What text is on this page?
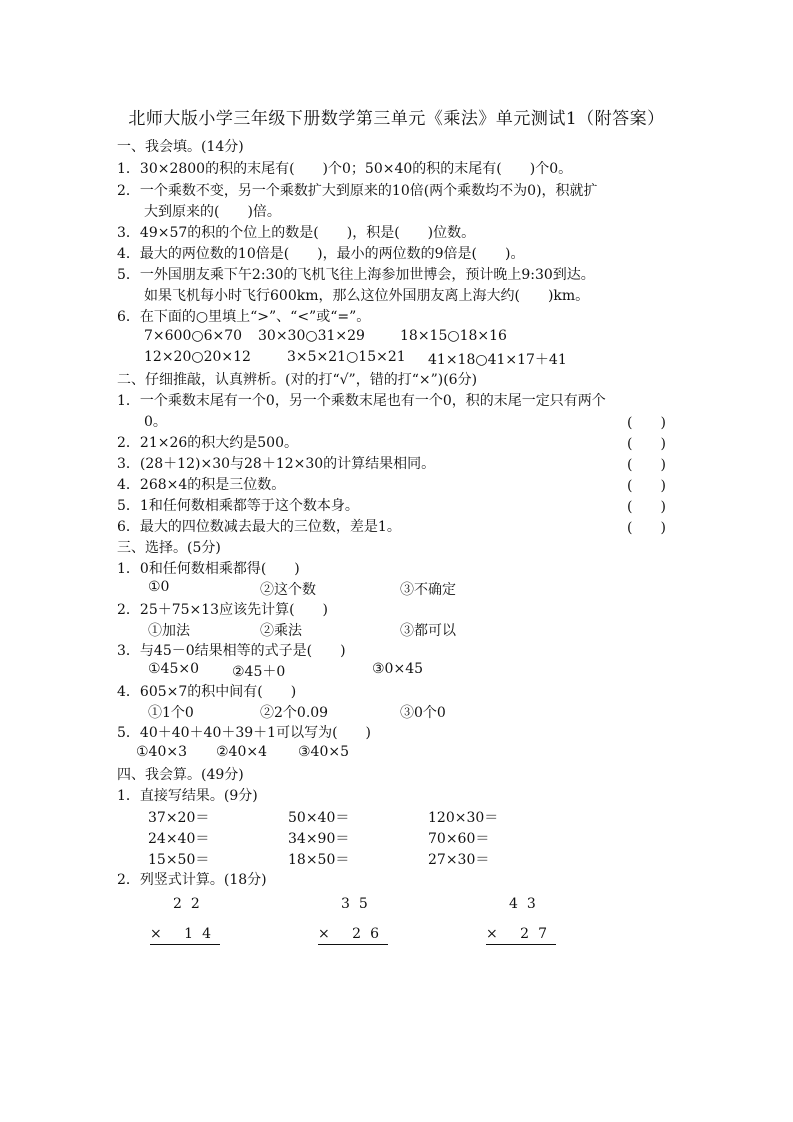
北师大版小学三年级下册数学第三单元《乘法》单元测试1（附答案）
一、我会填。(14分)
1．30×2800的积的末尾有(　　)个0；50×40的积的末尾有(　　)个0。
2．一个乘数不变，另一个乘数扩大到原来的10倍(两个乘数均不为0)，积就扩
大到原来的(　　)倍。
3．49×57的积的个位上的数是(　　)，积是(　　)位数。
4．最大的两位数的10倍是(　　)，最小的两位数的9倍是(　　)。
5．一外国朋友乘下午2:30的飞机飞往上海参加世博会，预计晚上9:30到达。
如果飞机每小时飞行600km，那么这位外国朋友离上海大约(　　)km。
6．在下面的○里填上“>”、“<”或“=”。
7×600○6×70 30×30○31×29	18×15○18×16
12×20○20×12	3×5×21○15×21 41×18○41×17＋41
二、仔细推敲，认真辨析。(对的打“√”，错的打“×”)(6分)
1．一个乘数末尾有一个0，另一个乘数末尾也有一个0，积的末尾一定只有两个
0。	(　　)
2．21×26的积大约是500。	(　　)
3．(28＋12)×30与28＋12×30的计算结果相同。	(　　)
4．268×4的积是三位数。	(　　)
5．1和任何数相乘都等于这个数本身。	(　　)
6．最大的四位数减去最大的三位数，差是1。	(　　)
三、选择。(5分)
1．0和任何数相乘都得(　　)
①0	②这个数	③不确定
2．25＋75×13应该先计算(　　)
①加法	②乘法	③都可以
3．与45－0结果相等的式子是(　　)
①45×0 ②45＋0	③0×45
4．605×7的积中间有(　　)
①1个0	②2个0.09	③0个0
5．40＋40＋40＋39＋1可以写为(　　)
①40×3 ②40×4 ③40×5
四、我会算。(49分)
1．直接写结果。(9分)
37×20＝	50×40＝	120×30＝
24×40＝	34×90＝	70×60＝
15×50＝	18×50＝	27×30＝
2．列竖式计算。(18分)
22
× 14
35
× 26
43
× 27
